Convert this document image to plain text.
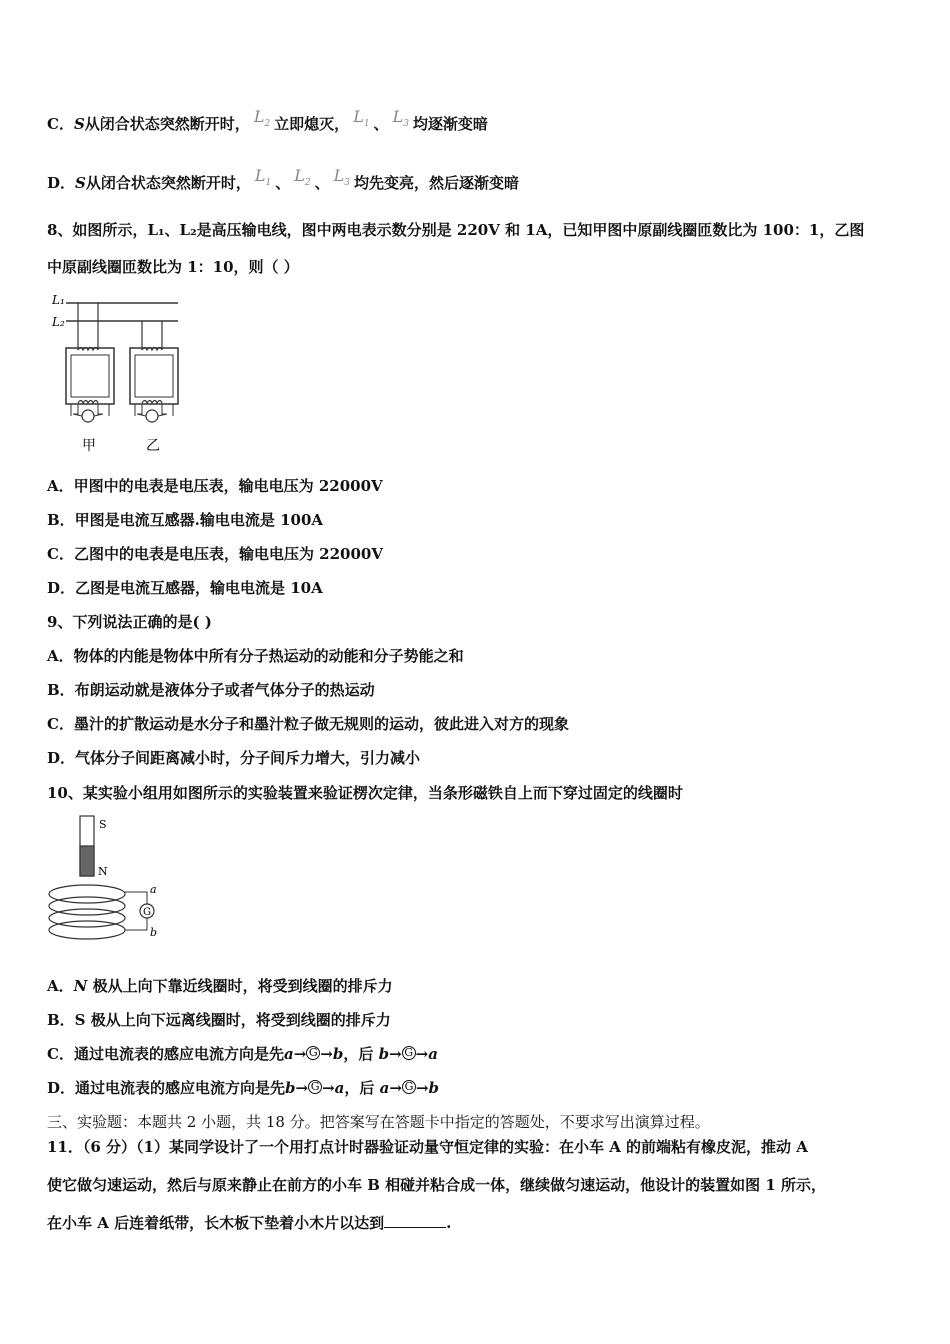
C．S从闭合状态突然断开时， $L_2$ 立即熄灭， $L_1$ 、 $L_3$ 均逐渐变暗
D．S从闭合状态突然断开时， $L_1$ 、 $L_2$ 、 $L_3$ 均先变亮，然后逐渐变暗
8、如图所示，L₁、L₂是高压输电线，图中两电表示数分别是 220V 和 1A，已知甲图中原副线圈匝数比为 100：1，乙图
中原副线圈匝数比为 1：10，则（ ）
L₁
L₂
甲	乙
A．甲图中的电表是电压表，输电电压为 22000V
B．甲图是电流互感器.输电电流是 100A
C．乙图中的电表是电压表，输电电压为 22000V
D．乙图是电流互感器，输电电流是 10A
9、下列说法正确的是( )
A．物体的内能是物体中所有分子热运动的动能和分子势能之和
B．布朗运动就是液体分子或者气体分子的热运动
C．墨汁的扩散运动是水分子和墨汁粒子做无规则的运动，彼此进入对方的现象
D．气体分子间距离减小时，分子间斥力增大，引力减小
10、某实验小组用如图所示的实验装置来验证楞次定律，当条形磁铁自上而下穿过固定的线圈时
S
N
G
a
b
A．N 极从上向下靠近线圈时，将受到线圈的排斥力
B．S 极从上向下远离线圈时，将受到线圈的排斥力
C．通过电流表的感应电流方向是先a→ G →b，后 b→ G →a
D．通过电流表的感应电流方向是先b→ G →a，后 a→ G →b
三、实验题：本题共 2 小题，共 18 分。把答案写在答题卡中指定的答题处，不要求写出演算过程。
11．（6 分）（1）某同学设计了一个用打点计时器验证动量守恒定律的实验：在小车 A 的前端粘有橡皮泥，推动 A
使它做匀速运动，然后与原来静止在前方的小车 B 相碰并粘合成一体，继续做匀速运动，他设计的装置如图 1 所示，
在小车 A 后连着纸带，长木板下垫着小木片以达到	.
